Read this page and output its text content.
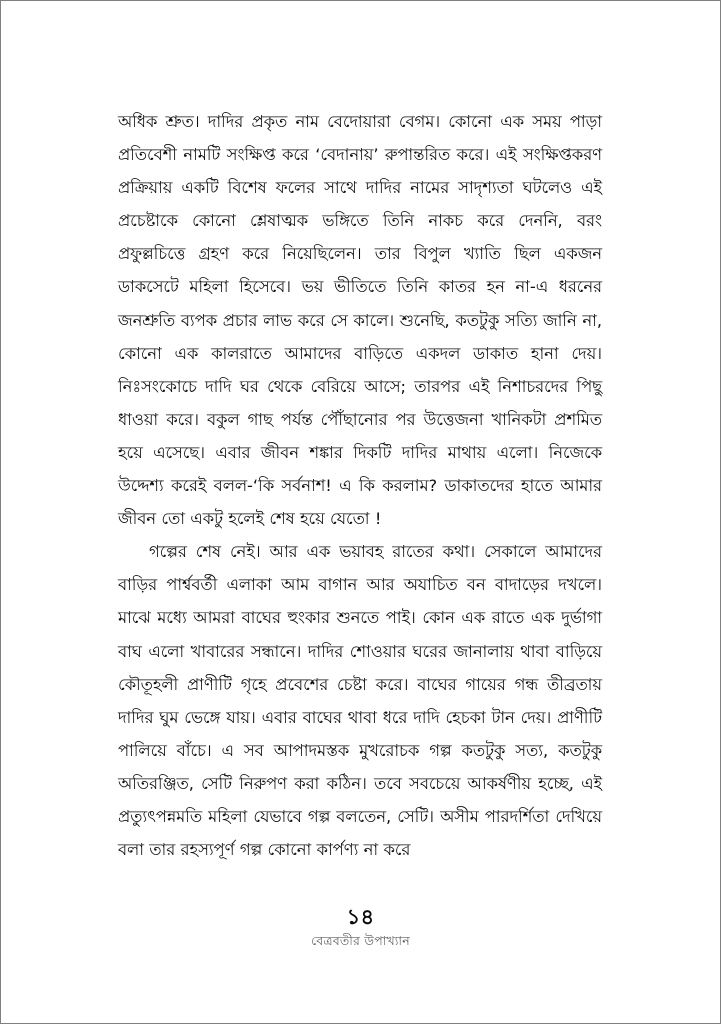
অধিক শ্রুত। দাদির প্রকৃত নাম বেদোয়ারা বেগম। কোনো এক সময় পাড়া প্রতিবেশী নামটি সংক্ষিপ্ত করে ‘বেদানায়’ রুপান্তরিত করে। এই সংক্ষিপ্তকরণ প্রক্রিয়ায় একটি বিশেষ ফলের সাথে দাদির নামের সাদৃশ্যতা ঘটলেও এই প্রচেষ্টাকে কোনো শ্লেষাত্মক ভঙ্গিতে তিনি নাকচ করে দেননি, বরং প্রফুল্লচিত্তে গ্রহণ করে নিয়েছিলেন। তার বিপুল খ্যাতি ছিল একজন ডাকসেটে মহিলা হিসেবে। ভয় ভীতিতে তিনি কাতর হন না-এ ধরনের জনশ্রুতি ব্যপক প্রচার লাভ করে সে কালে। শুনেছি, কতটুকু সত্যি জানি না, কোনো এক কালরাতে আমাদের বাড়িতে একদল ডাকাত হানা দেয়। নিঃসংকোচে দাদি ঘর থেকে বেরিয়ে আসে; তারপর এই নিশাচরদের পিছু ধাওয়া করে। বকুল গাছ পর্যন্ত পৌঁছানোর পর উত্তেজনা খানিকটা প্রশমিত হয়ে এসেছে। এবার জীবন শঙ্কার দিকটি দাদির মাথায় এলো। নিজেকে উদ্দেশ্য করেই বলল-‘কি সর্বনাশ! এ কি করলাম? ডাকাতদের হাতে আমার জীবন তো একটু হলেই শেষ হয়ে যেতো !

গল্পের শেষ নেই। আর এক ভয়াবহ রাতের কথা। সেকালে আমাদের বাড়ির পার্শ্ববর্তী এলাকা আম বাগান আর অযাচিত বন বাদাড়ের দখলে। মাঝে মধ্যে আমরা বাঘের হুংকার শুনতে পাই। কোন এক রাতে এক দুর্ভাগা বাঘ এলো খাবারের সন্ধানে। দাদির শোওয়ার ঘরের জানালায় থাবা বাড়িয়ে কৌতূহলী প্রাণীটি গৃহে প্রবেশের চেষ্টা করে। বাঘের গায়ের গন্ধ তীব্রতায় দাদির ঘুম ভেঙ্গে যায়। এবার বাঘের থাবা ধরে দাদি হেচকা টান দেয়। প্রাণীটি পালিয়ে বাঁচে। এ সব আপাদমস্তক মুখরোচক গল্প কতটুকু সত্য, কতটুকু অতিরঞ্জিত, সেটি নিরুপণ করা কঠিন। তবে সবচেয়ে আকর্ষণীয় হচ্ছে, এই প্রত্যুৎপন্নমতি মহিলা যেভাবে গল্প বলতেন, সেটি। অসীম পারদর্শিতা দেখিয়ে বলা তার রহস্যপূর্ণ গল্প কোনো কার্পণ্য না করে

১৪
বেত্রবতীর উপাখ্যান
